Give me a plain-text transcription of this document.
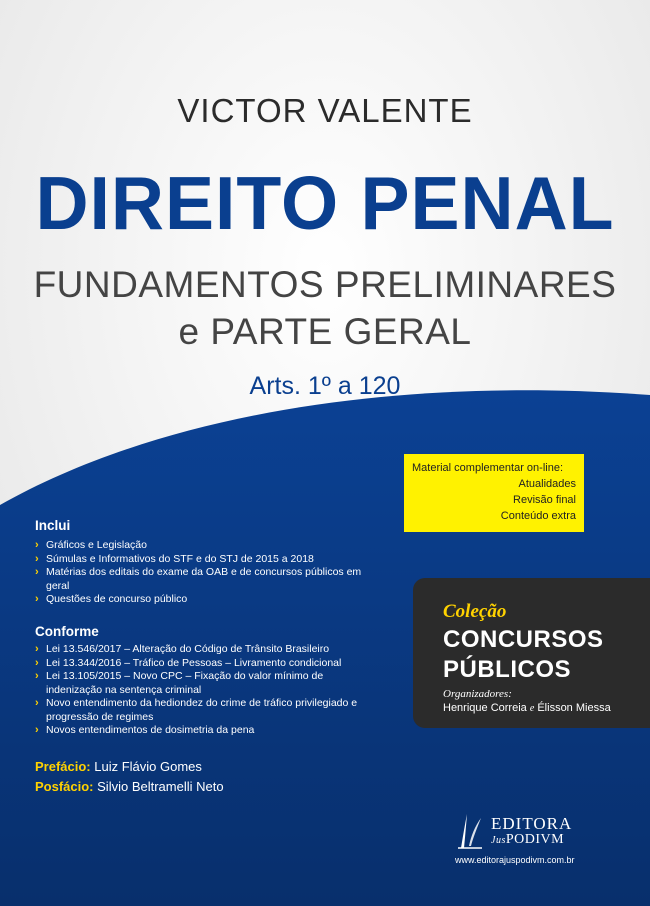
VICTOR VALENTE
DIREITO PENAL
FUNDAMENTOS PRELIMINARES
e PARTE GERAL
Arts. 1º a 120
Material complementar on-line:
Atualidades
Revisão final
Conteúdo extra
Inclui
› Gráficos e Legislação
› Súmulas e Informativos do STF e do STJ de 2015 a 2018
› Matérias dos editais do exame da OAB e de concursos públicos em geral
› Questões de concurso público
Conforme
› Lei 13.546/2017 – Alteração do Código de Trânsito Brasileiro
› Lei 13.344/2016 – Tráfico de Pessoas – Livramento condicional
› Lei 13.105/2015 – Novo CPC – Fixação do valor mínimo de indenização na sentença criminal
› Novo entendimento da hediondez do crime de tráfico privilegiado e progressão de regimes
› Novos entendimentos de dosimetria da pena
Prefácio: Luiz Flávio Gomes
Posfácio: Silvio Beltramelli Neto
Coleção
CONCURSOS
PÚBLICOS
Organizadores:
Henrique Correia e Élisson Miessa
EDITORA
JusPODIVM
www.editorajuspodivm.com.br
